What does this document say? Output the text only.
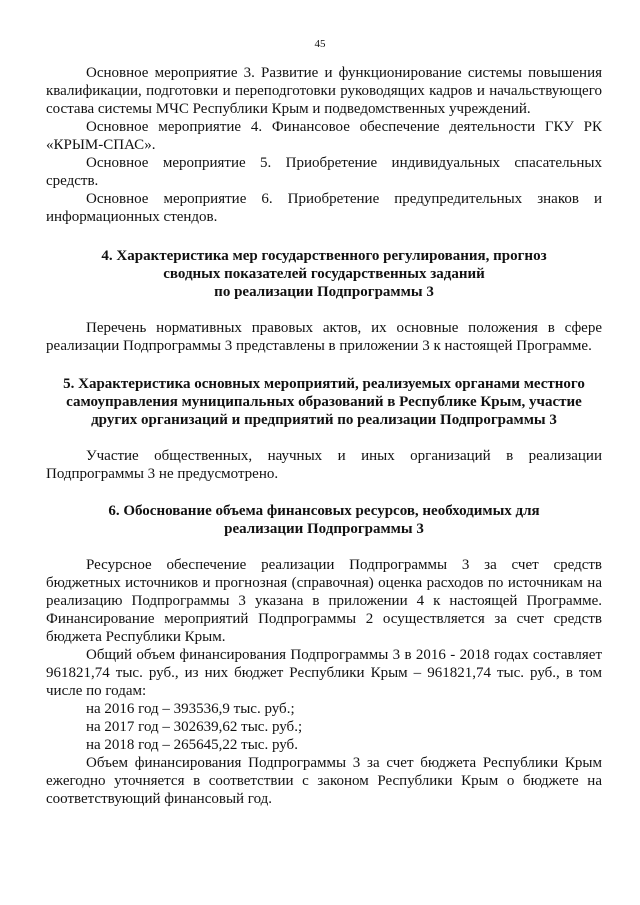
45

Основное мероприятие 3. Развитие и функционирование системы повышения квалификации, подготовки и переподготовки руководящих кадров и начальствующего состава системы МЧС Республики Крым и подведомственных учреждений.

Основное мероприятие 4. Финансовое обеспечение деятельности ГКУ РК «КРЫМ-СПАС».

Основное мероприятие 5. Приобретение индивидуальных спасательных средств.

Основное мероприятие 6. Приобретение предупредительных знаков и информационных стендов.

4. Характеристика мер государственного регулирования, прогноз
сводных показателей государственных заданий
по реализации Подпрограммы 3

Перечень нормативных правовых актов, их основные положения в сфере реализации Подпрограммы 3 представлены в приложении 3 к настоящей Программе.

5. Характеристика основных мероприятий, реализуемых органами местного
самоуправления муниципальных образований в Республике Крым, участие
других организаций и предприятий по реализации Подпрограммы 3

Участие общественных, научных и иных организаций в реализации Подпрограммы 3 не предусмотрено.

6. Обоснование объема финансовых ресурсов, необходимых для
реализации Подпрограммы 3

Ресурсное обеспечение реализации Подпрограммы 3 за счет средств бюджетных источников и прогнозная (справочная) оценка расходов по источникам на реализацию Подпрограммы 3 указана в приложении 4 к настоящей Программе. Финансирование мероприятий Подпрограммы 2 осуществляется за счет средств бюджета Республики Крым.

Общий объем финансирования Подпрограммы 3 в 2016 - 2018 годах составляет 961821,74 тыс. руб., из них бюджет Республики Крым – 961821,74 тыс. руб., в том числе по годам:

на 2016 год – 393536,9 тыс. руб.;

на 2017 год – 302639,62 тыс. руб.;

на 2018 год – 265645,22 тыс. руб.

Объем финансирования Подпрограммы 3 за счет бюджета Республики Крым ежегодно уточняется в соответствии с законом Республики Крым о бюджете на соответствующий финансовый год.
